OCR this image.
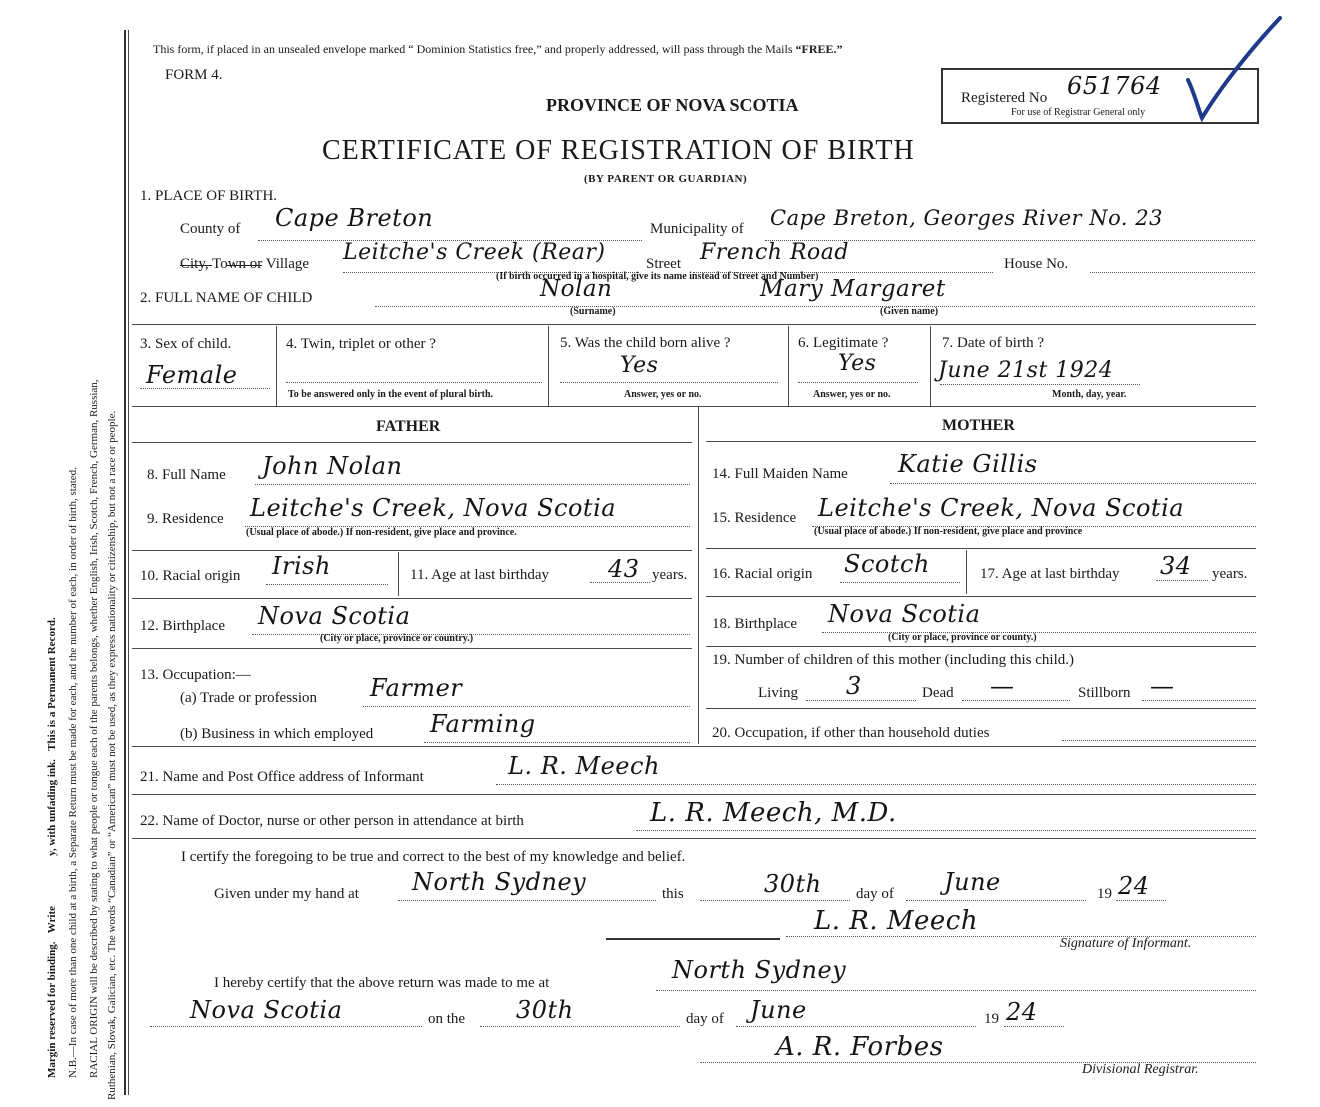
Margin reserved for binding.   Writey, with unfading ink.   This is a Permanent Record. N.B.—In case of more than one child at a birth, a Separate Return must be made for each, and the number of each, in order of birth, stated. RACIAL ORIGIN will be described by stating to what people or tongue each of the parents belongs, whether English, Irish, Scotch, French, German, Russian, Ruthenian, Slovak, Galician, etc. The words “Canadian” or “American” must not be used, as they express nationality or citizenship, but not a race or people.
This form, if placed in an unsealed envelope marked “ Dominion Statistics free,” and properly addressed, will pass through the Mails “FREE.”
FORM 4.
PROVINCE OF NOVA SCOTIA
CERTIFICATE OF REGISTRATION OF BIRTH
(BY PARENT OR GUARDIAN)
Registered No 651764
For use of Registrar General only
1. PLACE OF BIRTH.
County of Cape Breton	Municipality of Cape Breton, Georges River No. 23
City, Town or Village Leitche's Creek (Rear)	Street French Road	House No.
(If birth occurred in a hospital, give its name instead of Street and Number)
2. FULL NAME OF CHILD	Nolan	Mary Margaret
(Surname)	(Given name)
3. Sex of child.
Female
4. Twin, triplet or other ?
To be answered only in the event of plural birth.
5. Was the child born alive ?
Yes
Answer, yes or no.
6. Legitimate ?
Yes
Answer, yes or no.
7. Date of birth ?
June 21st 1924
Month, day, year.
FATHER
8. Full Name John Nolan
9. Residence Leitche's Creek, Nova Scotia
(Usual place of abode.) If non-resident, give place and province.
10. Racial origin Irish	11. Age at last birthday 43 years.
12. Birthplace Nova Scotia
(City or place, province or country.)
13. Occupation:—
(a) Trade or profession Farmer
(b) Business in which employed Farming
MOTHER
14. Full Maiden Name Katie Gillis
15. Residence Leitche's Creek, Nova Scotia
(Usual place of abode.) If non-resident, give place and province
16. Racial origin Scotch	17. Age at last birthday 34 years.
18. Birthplace Nova Scotia
(City or place, province or county.)
19. Number of children of this mother (including this child.)
Living 3	Dead —	Stillborn —
20. Occupation, if other than household duties
21. Name and Post Office address of Informant	L. R. Meech
22. Name of Doctor, nurse or other person in attendance at birth	L. R. Meech, M.D.
I certify the foregoing to be true and correct to the best of my knowledge and belief.
Given under my hand at North Sydney	this	30th day of June	19 24
L. R. Meech
Signature of Informant.
I hereby certify that the above return was made to me at	North Sydney
Nova Scotia	on the 30th	day of June	19 24
A. R. Forbes
Divisional Registrar.
